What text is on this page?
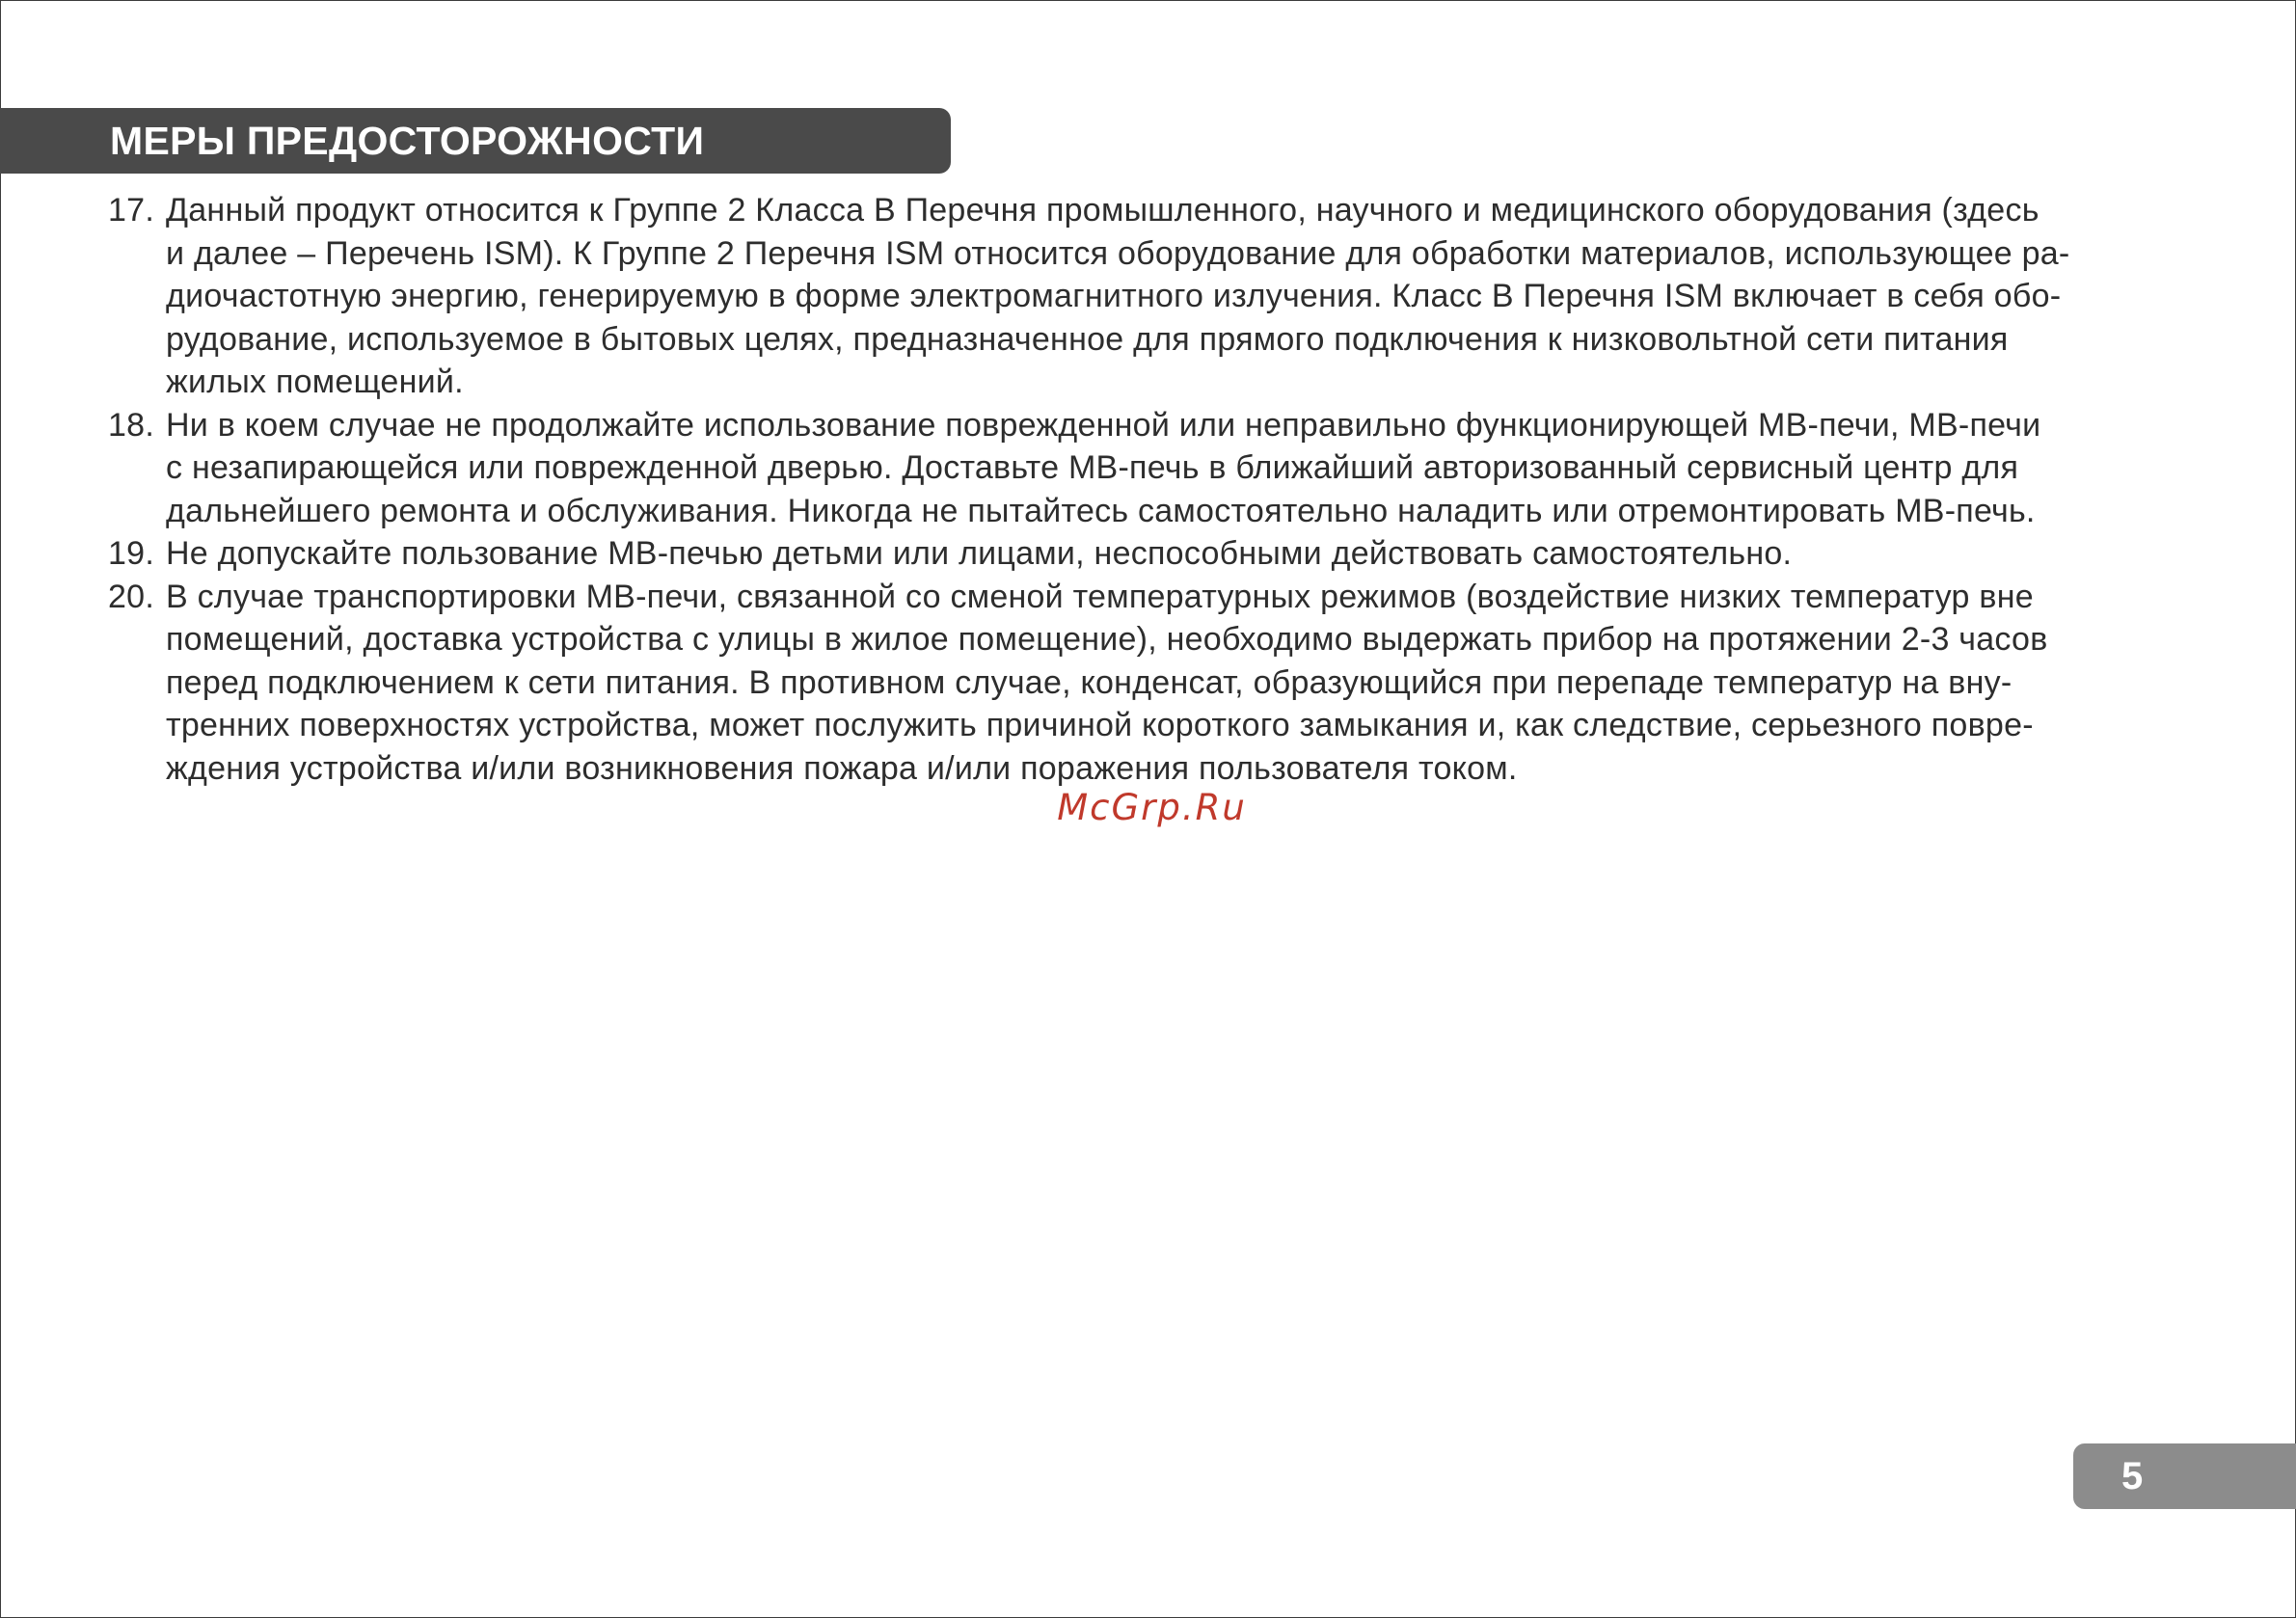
МЕРЫ ПРЕДОСТОРОЖНОСТИ
17. Данный продукт относится к Группе 2 Класса В Перечня промышленного, научного и медицинского оборудования (здесь
и далее – Перечень ISM). К Группе 2 Перечня ISM относится оборудование для обработки материалов, использующее ра-
диочастотную энергию, генерируемую в форме электромагнитного излучения. Класс В Перечня ISM включает в себя обо-
рудование, используемое в бытовых целях, предназначенное для прямого подключения к низковольтной сети питания
жилых помещений.
18. Ни в коем случае не продолжайте использование поврежденной или неправильно функционирующей МВ-печи, МВ-печи
с незапирающейся или поврежденной дверью. Доставьте МВ-печь в ближайший авторизованный сервисный центр для
дальнейшего ремонта и обслуживания. Никогда не пытайтесь самостоятельно наладить или отремонтировать МВ-печь.
19. Не допускайте пользование МВ-печью детьми или лицами, неспособными действовать самостоятельно.
20. В случае транспортировки МВ-печи, связанной со сменой температурных режимов (воздействие низких температур вне
помещений, доставка устройства с улицы в жилое помещение), необходимо выдержать прибор на протяжении 2-3 часов
перед подключением к сети питания. В противном случае, конденсат, образующийся при перепаде температур на вну-
тренних поверхностях устройства, может послужить причиной короткого замыкания и, как следствие, серьезного повре-
ждения устройства и/или возникновения пожара и/или поражения пользователя током.
McGrp.Ru
5
